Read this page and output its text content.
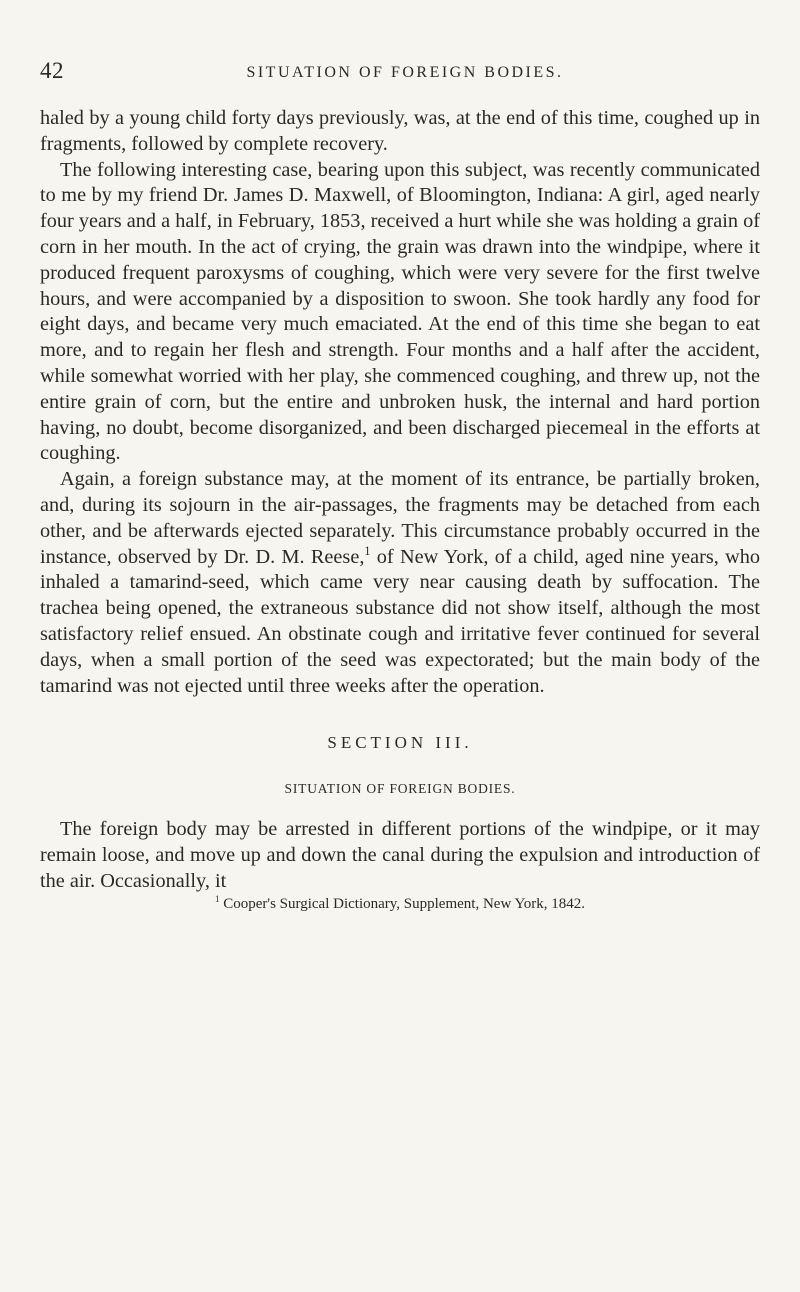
42	SITUATION OF FOREIGN BODIES.

haled by a young child forty days previously, was, at the end of this time, coughed up in fragments, followed by complete recovery.

The following interesting case, bearing upon this subject, was recently communicated to me by my friend Dr. James D. Maxwell, of Bloomington, Indiana: A girl, aged nearly four years and a half, in February, 1853, received a hurt while she was holding a grain of corn in her mouth. In the act of crying, the grain was drawn into the windpipe, where it produced frequent paroxysms of coughing, which were very severe for the first twelve hours, and were accompanied by a disposition to swoon. She took hardly any food for eight days, and became very much emaciated. At the end of this time she began to eat more, and to regain her flesh and strength. Four months and a half after the accident, while somewhat worried with her play, she commenced coughing, and threw up, not the entire grain of corn, but the entire and unbroken husk, the internal and hard portion having, no doubt, become disorganized, and been discharged piecemeal in the efforts at coughing.

Again, a foreign substance may, at the moment of its entrance, be partially broken, and, during its sojourn in the air-passages, the fragments may be detached from each other, and be afterwards ejected separately. This circumstance probably occurred in the instance, observed by Dr. D. M. Reese,$^1$ of New York, of a child, aged nine years, who inhaled a tamarind-seed, which came very near causing death by suffocation. The trachea being opened, the extraneous substance did not show itself, although the most satisfactory relief ensued. An obstinate cough and irritative fever continued for several days, when a small portion of the seed was expectorated; but the main body of the tamarind was not ejected until three weeks after the operation.

SECTION III.
SITUATION OF FOREIGN BODIES.

The foreign body may be arrested in different portions of the windpipe, or it may remain loose, and move up and down the canal during the expulsion and introduction of the air. Occasionally, it

$^1$ Cooper's Surgical Dictionary, Supplement, New York, 1842.
